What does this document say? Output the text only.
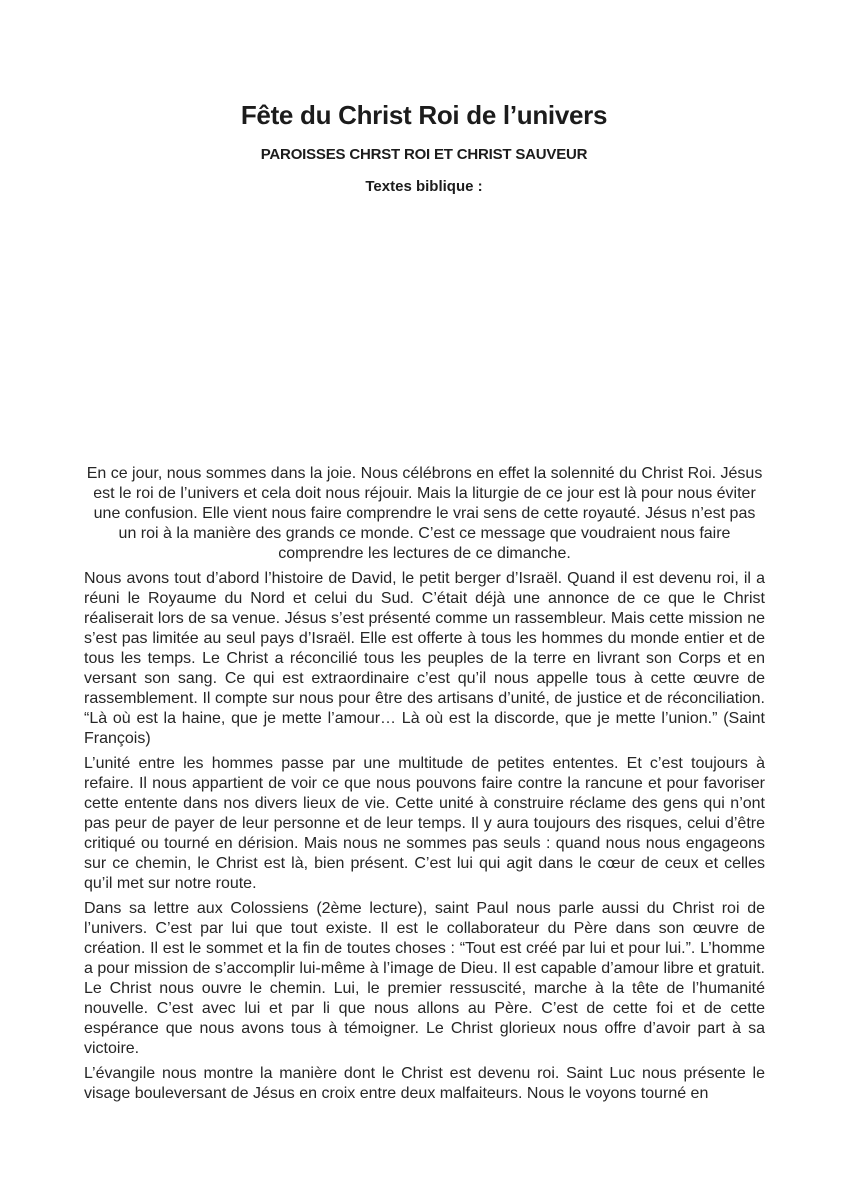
Fête du Christ Roi de l’univers
PAROISSES CHRST ROI ET CHRIST SAUVEUR
Textes biblique :

En ce jour, nous sommes dans la joie. Nous célébrons en effet la solennité du Christ Roi. Jésus est le roi de l’univers et cela doit nous réjouir. Mais la liturgie de ce jour est là pour nous éviter une confusion. Elle vient nous faire comprendre le vrai sens de cette royauté. Jésus n’est pas un roi à la manière des grands ce monde. C’est ce message que voudraient nous faire comprendre les lectures de ce dimanche.

Nous avons tout d’abord l’histoire de David, le petit berger d’Israël. Quand il est devenu roi, il a réuni le Royaume du Nord et celui du Sud. C’était déjà une annonce de ce que le Christ réaliserait lors de sa venue. Jésus s’est présenté comme un rassembleur. Mais cette mission ne s’est pas limitée au seul pays d’Israël. Elle est offerte à tous les hommes du monde entier et de tous les temps. Le Christ a réconcilié tous les peuples de la terre en livrant son Corps et en versant son sang. Ce qui est extraordinaire c’est qu’il nous appelle tous à cette œuvre de rassemblement. Il compte sur nous pour être des artisans d’unité, de justice et de réconciliation. “Là où est la haine, que je mette l’amour… Là où est la discorde, que je mette l’union.” (Saint François)

L’unité entre les hommes passe par une multitude de petites ententes. Et c’est toujours à refaire. Il nous appartient de voir ce que nous pouvons faire contre la rancune et pour favoriser cette entente dans nos divers lieux de vie. Cette unité à construire réclame des gens qui n’ont pas peur de payer de leur personne et de leur temps. Il y aura toujours des risques, celui d’être critiqué ou tourné en dérision. Mais nous ne sommes pas seuls : quand nous nous engageons sur ce chemin, le Christ est là, bien présent. C’est lui qui agit dans le cœur de ceux et celles qu’il met sur notre route.

Dans sa lettre aux Colossiens (2ème lecture), saint Paul nous parle aussi du Christ roi de l’univers. C’est par lui que tout existe. Il est le collaborateur du Père dans son œuvre de création. Il est le sommet et la fin de toutes choses : “Tout est créé par lui et pour lui.”. L’homme a pour mission de s’accomplir lui-même à l’image de Dieu. Il est capable d’amour libre et gratuit. Le Christ nous ouvre le chemin. Lui, le premier ressuscité, marche à la tête de l’humanité nouvelle. C’est avec lui et par li que nous allons au Père. C’est de cette foi et de cette espérance que nous avons tous à témoigner. Le Christ glorieux nous offre d’avoir part à sa victoire.

L’évangile nous montre la manière dont le Christ est devenu roi. Saint Luc nous présente le visage bouleversant de Jésus en croix entre deux malfaiteurs. Nous le voyons tourné en
